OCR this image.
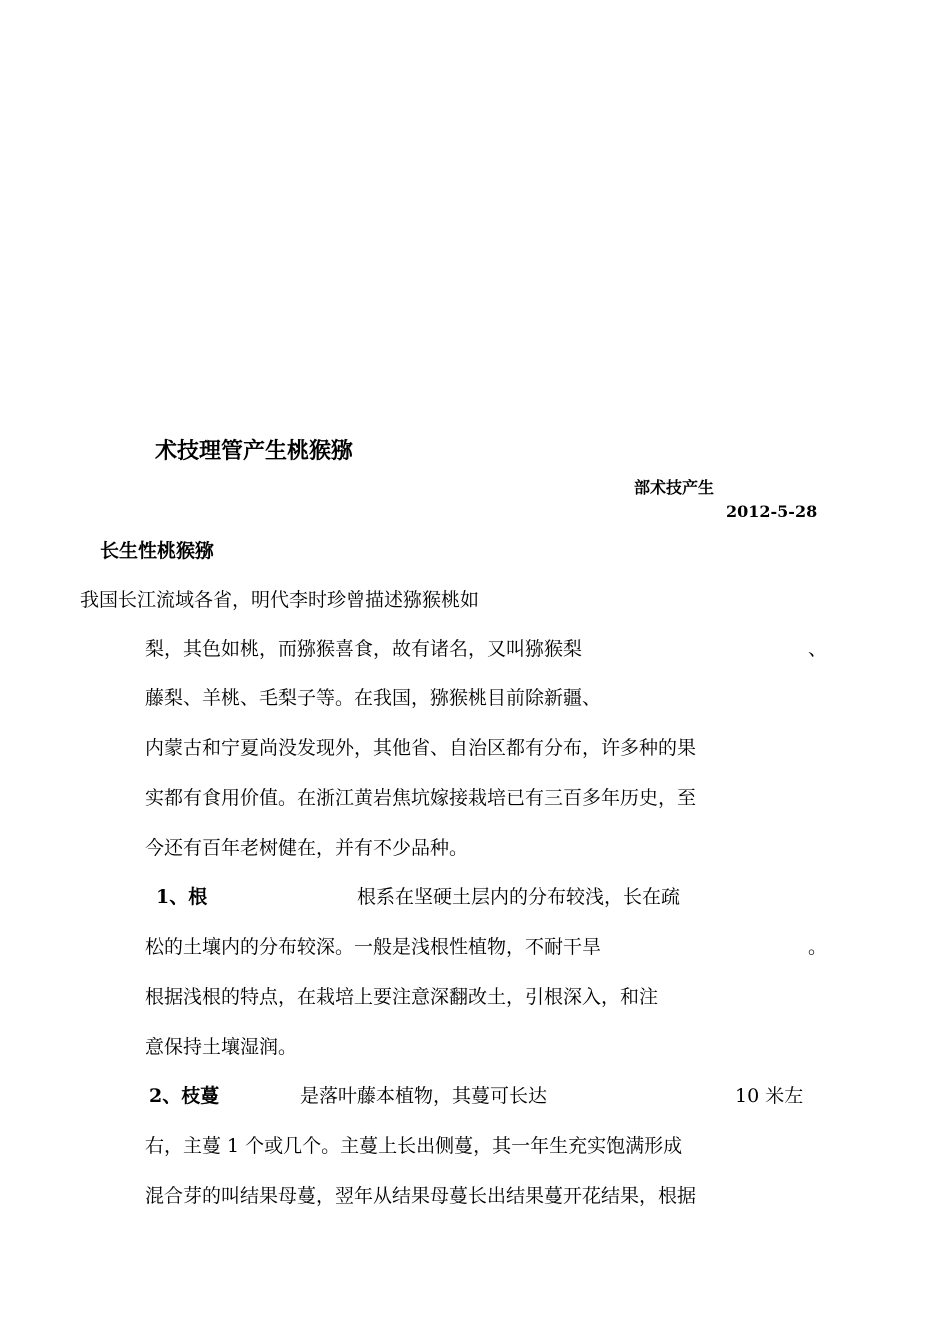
术技理管产生桃猴猕
部术技产生
2012-5-28
长生性桃猴猕
我国长江流域各省，明代李时珍曾描述猕猴桃如
梨，其色如桃，而猕猴喜食，故有诸名，又叫猕猴梨	、
藤梨、羊桃、毛梨子等。在我国，猕猴桃目前除新疆、
内蒙古和宁夏尚没发现外，其他省、自治区都有分布，许多种的果
实都有食用价值。在浙江黄岩焦坑嫁接栽培已有三百多年历史，至
今还有百年老树健在，并有不少品种。
1、根	根系在坚硬土层内的分布较浅，长在疏
松的土壤内的分布较深。一般是浅根性植物，不耐干旱	。
根据浅根的特点，在栽培上要注意深翻改土，引根深入，和注
意保持土壤湿润。
2、枝蔓	是落叶藤本植物，其蔓可长达	10 米左
右，主蔓 1 个或几个。主蔓上长出侧蔓，其一年生充实饱满形成
混合芽的叫结果母蔓，翌年从结果母蔓长出结果蔓开花结果，根据
